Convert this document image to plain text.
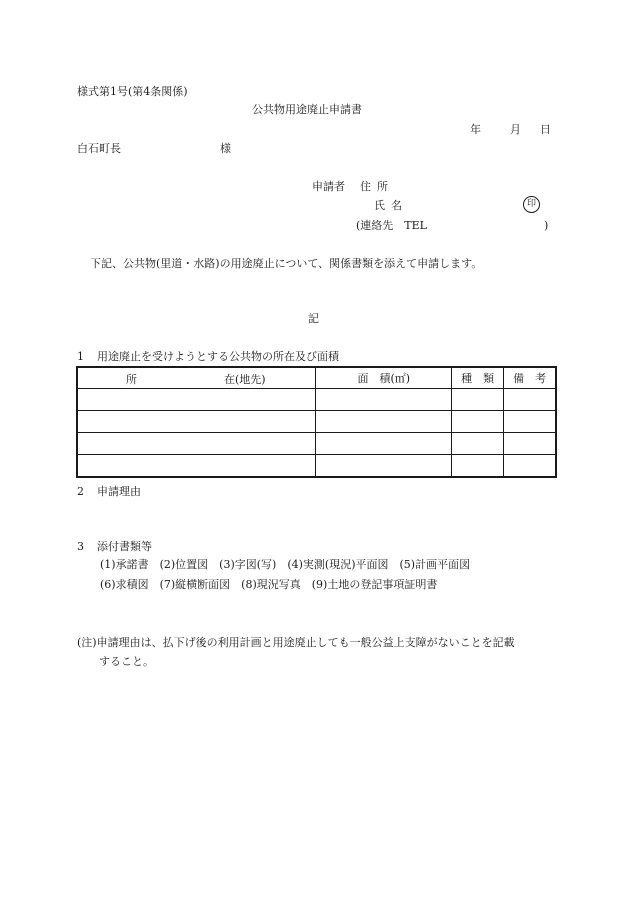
様式第1号(第4条関係)
公共物用途廃止申請書
年	月 日
白石町長	様
申請者 住所
氏名	印
(連絡先　TEL	)
下記、公共物(里道・水路)の用途廃止について、関係書類を添えて申請します。
記
1 用途廃止を受けようとする公共物の所在及び面積
所 在(地先)	面　積(㎡)	種　類	備　考

2 申請理由
3 添付書類等
(1)承諾書　(2)位置図　(3)字図(写)　(4)実測(現況)平面図　(5)計画平面図
(6)求積図　(7)縦横断面図　(8)現況写真　(9)土地の登記事項証明書
(注)申請理由は、払下げ後の利用計画と用途廃止しても一般公益上支障がないことを記載
すること。
